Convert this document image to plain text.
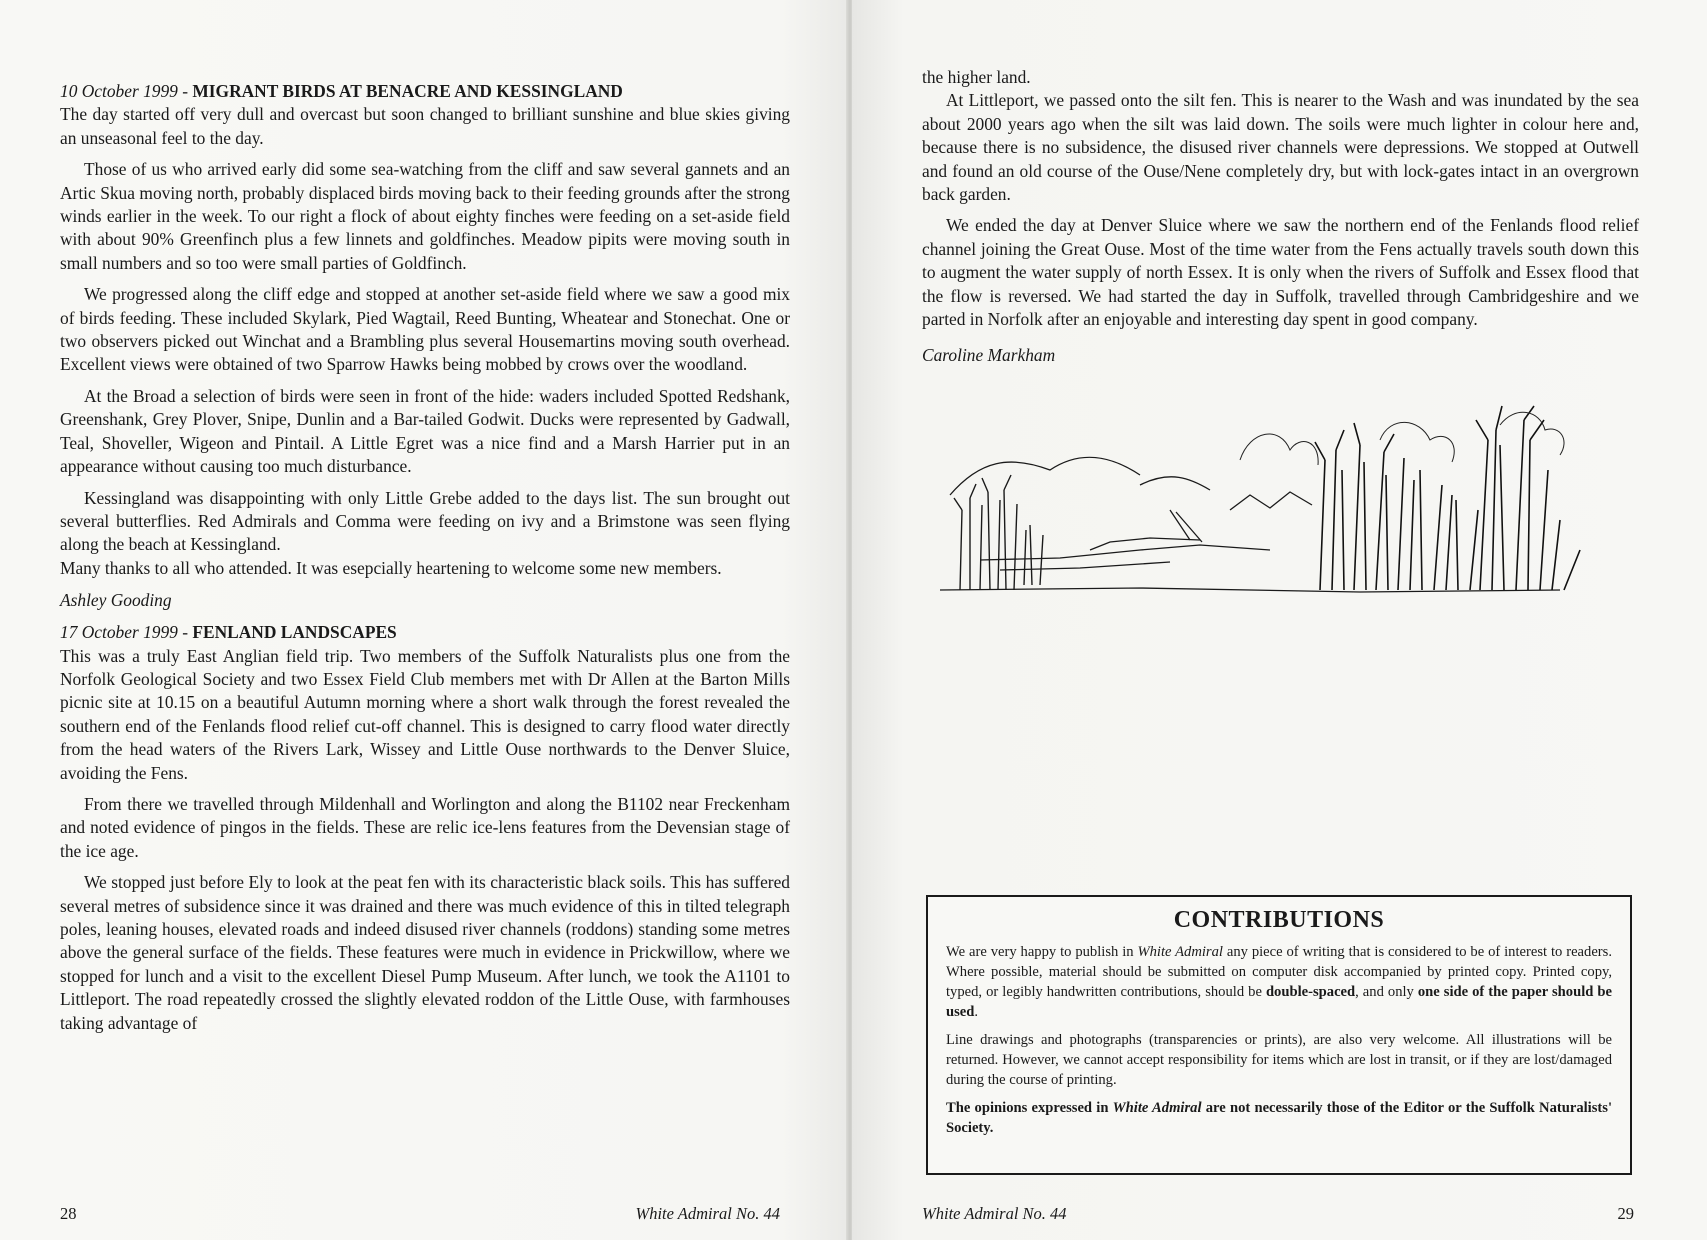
10 October 1999 - MIGRANT BIRDS AT BENACRE AND KESSINGLAND

The day started off very dull and overcast but soon changed to brilliant sunshine and blue skies giving an unseasonal feel to the day.

Those of us who arrived early did some sea-watching from the cliff and saw several gannets and an Artic Skua moving north, probably displaced birds moving back to their feeding grounds after the strong winds earlier in the week. To our right a flock of about eighty finches were feeding on a set-aside field with about 90% Greenfinch plus a few linnets and goldfinches. Meadow pipits were moving south in small numbers and so too were small parties of Goldfinch.

We progressed along the cliff edge and stopped at another set-aside field where we saw a good mix of birds feeding. These included Skylark, Pied Wagtail, Reed Bunting, Wheatear and Stonechat. One or two observers picked out Winchat and a Brambling plus several Housemartins moving south overhead. Excellent views were obtained of two Sparrow Hawks being mobbed by crows over the woodland.

At the Broad a selection of birds were seen in front of the hide: waders included Spotted Redshank, Greenshank, Grey Plover, Snipe, Dunlin and a Bar-tailed Godwit. Ducks were represented by Gadwall, Teal, Shoveller, Wigeon and Pintail. A Little Egret was a nice find and a Marsh Harrier put in an appearance without causing too much disturbance.

Kessingland was disappointing with only Little Grebe added to the days list. The sun brought out several butterflies. Red Admirals and Comma were feeding on ivy and a Brimstone was seen flying along the beach at Kessingland.

Many thanks to all who attended. It was esepcially heartening to welcome some new members.

Ashley Gooding
17 October 1999 - FENLAND LANDSCAPES

This was a truly East Anglian field trip. Two members of the Suffolk Naturalists plus one from the Norfolk Geological Society and two Essex Field Club members met with Dr Allen at the Barton Mills picnic site at 10.15 on a beautiful Autumn morning where a short walk through the forest revealed the southern end of the Fenlands flood relief cut-off channel. This is designed to carry flood water directly from the head waters of the Rivers Lark, Wissey and Little Ouse northwards to the Denver Sluice, avoiding the Fens.

From there we travelled through Mildenhall and Worlington and along the B1102 near Freckenham and noted evidence of pingos in the fields. These are relic ice-lens features from the Devensian stage of the ice age.

We stopped just before Ely to look at the peat fen with its characteristic black soils. This has suffered several metres of subsidence since it was drained and there was much evidence of this in tilted telegraph poles, leaning houses, elevated roads and indeed disused river channels (roddons) standing some metres above the general surface of the fields. These features were much in evidence in Prickwillow, where we stopped for lunch and a visit to the excellent Diesel Pump Museum. After lunch, we took the A1101 to Littleport. The road repeatedly crossed the slightly elevated roddon of the Little Ouse, with farmhouses taking advantage of

28	White Admiral No. 44

the higher land.

At Littleport, we passed onto the silt fen. This is nearer to the Wash and was inundated by the sea about 2000 years ago when the silt was laid down. The soils were much lighter in colour here and, because there is no subsidence, the disused river channels were depressions. We stopped at Outwell and found an old course of the Ouse/Nene completely dry, but with lock-gates intact in an overgrown back garden.

We ended the day at Denver Sluice where we saw the northern end of the Fenlands flood relief channel joining the Great Ouse. Most of the time water from the Fens actually travels south down this to augment the water supply of north Essex. It is only when the rivers of Suffolk and Essex flood that the flow is reversed. We had started the day in Suffolk, travelled through Cambridgeshire and we parted in Norfolk after an enjoyable and interesting day spent in good company.

Caroline Markham
White Admiral No. 44	29
CONTRIBUTIONS

We are very happy to publish in White Admiral any piece of writing that is considered to be of interest to readers. Where possible, material should be submitted on computer disk accompanied by printed copy. Printed copy, typed, or legibly handwritten contributions, should be double-spaced, and only one side of the paper should be used.

Line drawings and photographs (transparencies or prints), are also very welcome. All illustrations will be returned. However, we cannot accept responsibility for items which are lost in transit, or if they are lost/damaged during the course of printing.

The opinions expressed in White Admiral are not necessarily those of the Editor or the Suffolk Naturalists' Society.
